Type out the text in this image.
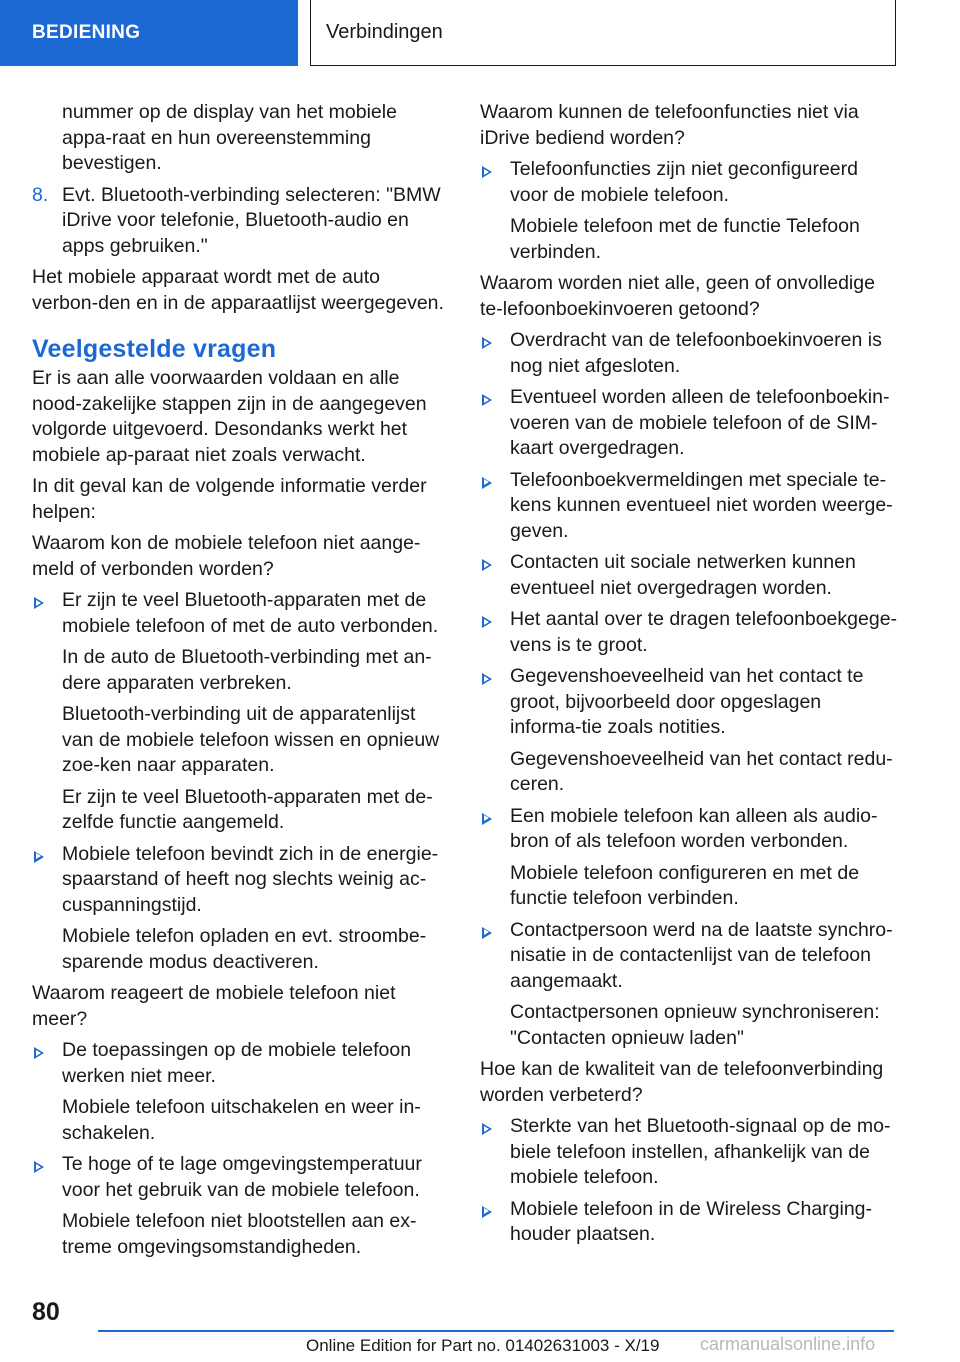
BEDIENING	Verbindingen
nummer op de display van het mobiele appa-raat en hun overeenstemming bevestigen.
8. Evt. Bluetooth-verbinding selecteren: "BMW iDrive voor telefonie, Bluetooth-audio en apps gebruiken."
Het mobiele apparaat wordt met de auto verbon-den en in de apparaatlijst weergegeven.
Veelgestelde vragen
Er is aan alle voorwaarden voldaan en alle nood-zakelijke stappen zijn in de aangegeven volgorde uitgevoerd. Desondanks werkt het mobiele ap-paraat niet zoals verwacht.
In dit geval kan de volgende informatie verder helpen:
Waarom kon de mobiele telefoon niet aange-meld of verbonden worden?
Er zijn te veel Bluetooth-apparaten met de mobiele telefoon of met de auto verbonden.
In de auto de Bluetooth-verbinding met an-dere apparaten verbreken.
Bluetooth-verbinding uit de apparatenlijst van de mobiele telefoon wissen en opnieuw zoe-ken naar apparaten.
Er zijn te veel Bluetooth-apparaten met de-zelfde functie aangemeld.
Mobiele telefoon bevindt zich in de energie-spaarstand of heeft nog slechts weinig ac-cuspanningstijd.
Mobiele telefon opladen en evt. stroombe-sparende modus deactiveren.
Waarom reageert de mobiele telefoon niet meer?
De toepassingen op de mobiele telefoon werken niet meer.
Mobiele telefoon uitschakelen en weer in-schakelen.
Te hoge of te lage omgevingstemperatuur voor het gebruik van de mobiele telefoon.
Mobiele telefoon niet blootstellen aan ex-treme omgevingsomstandigheden.
Waarom kunnen de telefoonfuncties niet via iDrive bediend worden?
Telefoonfuncties zijn niet geconfigureerd voor de mobiele telefoon.
Mobiele telefoon met de functie Telefoon verbinden.
Waarom worden niet alle, geen of onvolledige te-lefoonboekinvoeren getoond?
Overdracht van de telefoonboekinvoeren is nog niet afgesloten.
Eventueel worden alleen de telefoonboekin-voeren van de mobiele telefoon of de SIM-kaart overgedragen.
Telefoonboekvermeldingen met speciale te-kens kunnen eventueel niet worden weerge-geven.
Contacten uit sociale netwerken kunnen eventueel niet overgedragen worden.
Het aantal over te dragen telefoonboekgege-vens is te groot.
Gegevenshoeveelheid van het contact te groot, bijvoorbeeld door opgeslagen informa-tie zoals notities.
Gegevenshoeveelheid van het contact redu-ceren.
Een mobiele telefoon kan alleen als audio-bron of als telefoon worden verbonden.
Mobiele telefoon configureren en met de functie telefoon verbinden.
Contactpersoon werd na de laatste synchro-nisatie in de contactenlijst van de telefoon aangemaakt.
Contactpersonen opnieuw synchroniseren: "Contacten opnieuw laden"
Hoe kan de kwaliteit van de telefoonverbinding worden verbeterd?
Sterkte van het Bluetooth-signaal op de mo-biele telefoon instellen, afhankelijk van de mobiele telefoon.
Mobiele telefoon in de Wireless Charging-houder plaatsen.
80
Online Edition for Part no. 01402631003 - X/19 carmanualsonline.info
